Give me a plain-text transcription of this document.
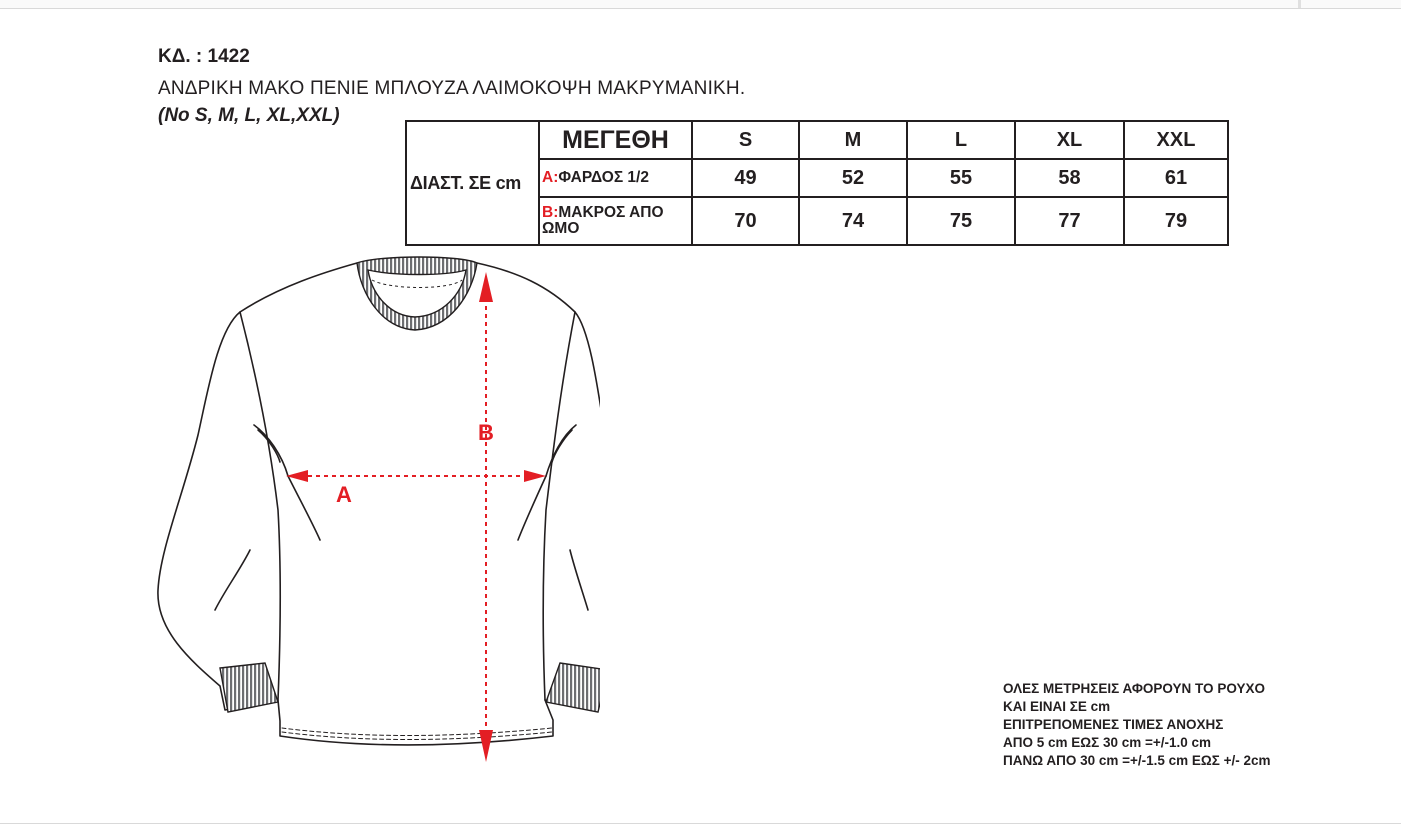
ΚΔ. : 1422
ΑΝΔΡΙΚΗ ΜΑΚΟ ΠΕΝΙΕ ΜΠΛΟΥΖΑ ΛΑΙΜΟΚΟΨΗ ΜΑΚΡΥΜΑΝΙΚΗ.
(No S, M, L, XL,XXL)
ΔΙΑΣΤ. ΣΕ cm	ΜΕΓΕΘΗ	S	M	L	XL	XXL
	A:ΦΑΡΔΟΣ 1/2	49	52	55	58	61
	B:ΜΑΚΡΟΣ ΑΠΟ ΩΜΟ	70	74	75	77	79
A
B
ΟΛΕΣ ΜΕΤΡΗΣΕΙΣ ΑΦΟΡΟΥΝ ΤΟ ΡΟΥΧΟ
ΚΑΙ ΕΙΝΑΙ ΣΕ cm
ΕΠΙΤΡΕΠΟΜΕΝΕΣ ΤΙΜΕΣ ΑΝΟΧΗΣ
ΑΠΟ 5 cm ΕΩΣ 30 cm =+/-1.0 cm
ΠΑΝΩ ΑΠΟ 30 cm =+/-1.5 cm ΕΩΣ +/- 2cm
